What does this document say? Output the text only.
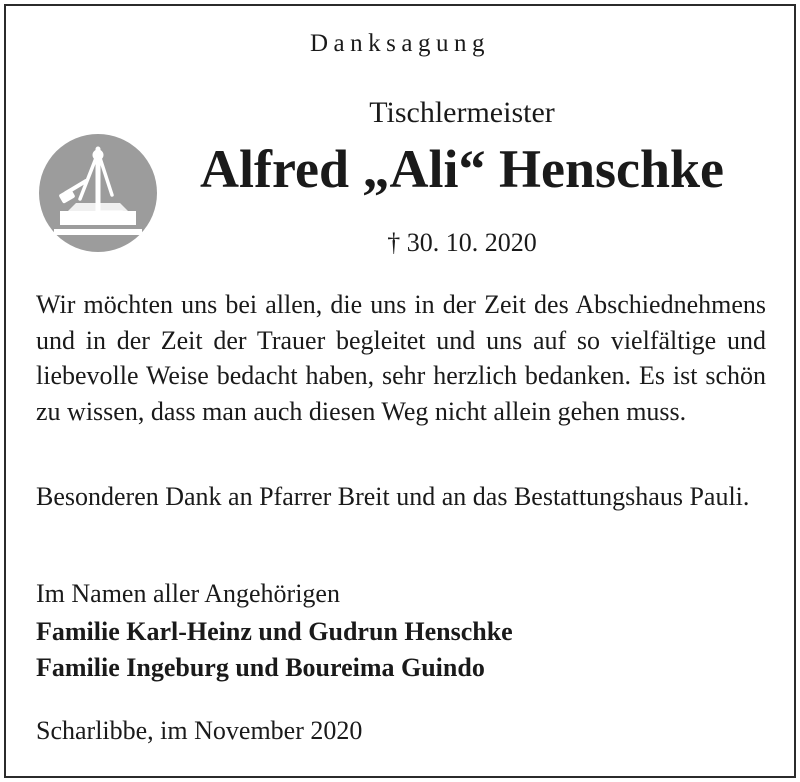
Danksagung
Tischlermeister
Alfred „Ali“ Henschke
† 30. 10. 2020
Wir möchten uns bei allen, die uns in der Zeit des Abschiednehmens und in der Zeit der Trauer begleitet und uns auf so vielfältige und liebevolle Weise bedacht haben, sehr herzlich bedanken. Es ist schön zu wissen, dass man auch diesen Weg nicht allein gehen muss.
Besonderen Dank an Pfarrer Breit und an das Bestattungshaus Pauli.
Im Namen aller Angehörigen
Familie Karl-Heinz und Gudrun Henschke
Familie Ingeburg und Boureima Guindo
Scharlibbe, im November 2020
